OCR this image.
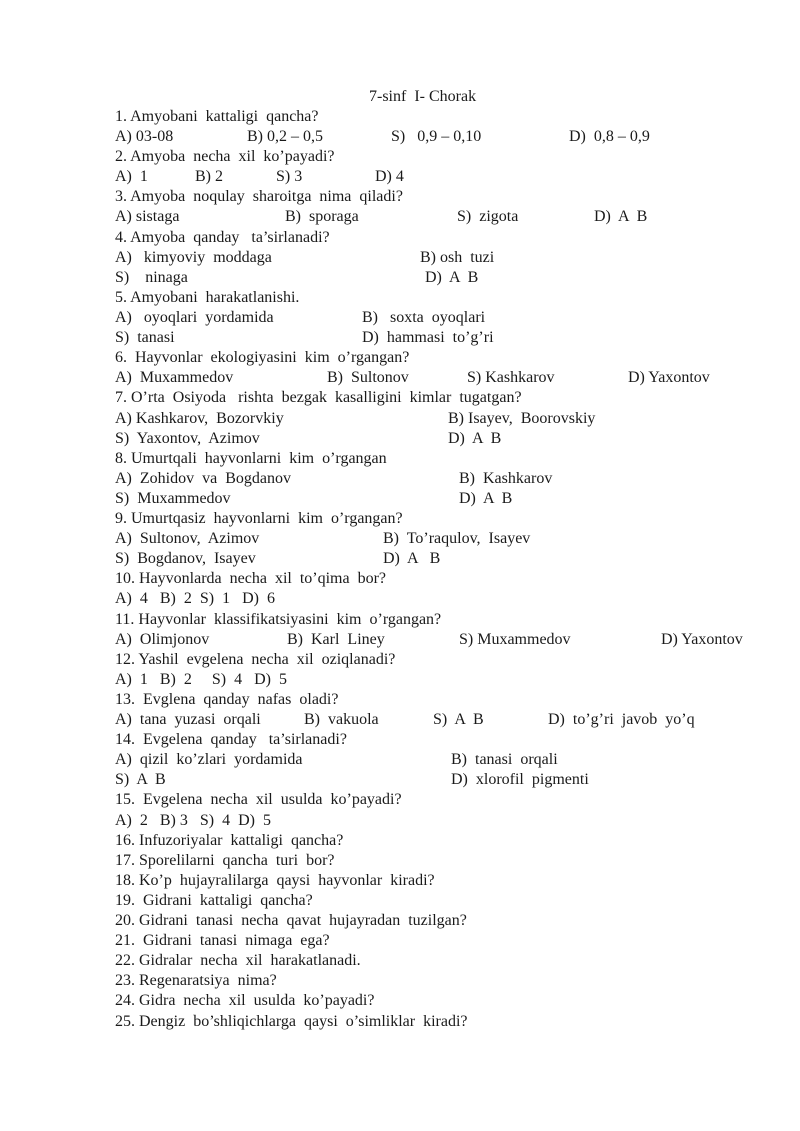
7-sinf  I- Chorak
1. Amyobani  kattaligi  qancha?
A) 03-08	B) 0,2 – 0,5	S)   0,9 – 0,10	D)  0,8 – 0,9
2. Amyoba  necha  xil  ko’payadi?
A)  1	B) 2	S) 3	D) 4
3. Amyoba  noqulay  sharoitga  nima  qiladi?
A) sistaga	B)  sporaga	S)  zigota	D)  A  B
4. Amyoba  qanday   ta’sirlanadi?
A)   kimyoviy  moddaga	B) osh  tuzi
S)    ninaga	D)  A  B
5. Amyobani  harakatlanishi.
A)   oyoqlari  yordamida	B)   soxta  oyoqlari
S)  tanasi	D)  hammasi  to’g’ri
6.  Hayvonlar  ekologiyasini  kim  o’rgangan?
A)  Muxammedov	B)  Sultonov	S) Kashkarov	D) Yaxontov
7. O’rta  Osiyoda   rishta  bezgak  kasalligini  kimlar  tugatgan?
A) Kashkarov,  Bozorvkiy	B) Isayev,  Boorovskiy
S)  Yaxontov,  Azimov	D)  A  B
8. Umurtqali  hayvonlarni  kim  o’rgangan
A)  Zohidov  va  Bogdanov	B)  Kashkarov
S)  Muxammedov	D)  A  B
9. Umurtqasiz  hayvonlarni  kim  o’rgangan?
A)  Sultonov,  Azimov	B)  To’raqulov,  Isayev
S)  Bogdanov,  Isayev	D)  A   B
10. Hayvonlarda  necha  xil  to’qima  bor?
A)  4   B)  2  S)  1   D)  6
11. Hayvonlar  klassifikatsiyasini  kim  o’rgangan?
A)  Olimjonov	B)  Karl  Liney	S) Muxammedov	D) Yaxontov
12. Yashil  evgelena  necha  xil  oziqlanadi?
A)  1   B)  2     S)  4   D)  5
13.  Evglena  qanday  nafas  oladi?
A)  tana  yuzasi  orqali	B)  vakuola	S)  A  B	D)  to’g’ri  javob  yo’q
14.  Evgelena  qanday   ta’sirlanadi?
A)  qizil  ko’zlari  yordamida	B)  tanasi  orqali
S)  A  B	D)  xlorofil  pigmenti
15.  Evgelena  necha  xil  usulda  ko’payadi?
A)  2   B) 3   S)  4  D)  5
16. Infuzoriyalar  kattaligi  qancha?
17. Sporelilarni  qancha  turi  bor?
18. Ko’p  hujayralilarga  qaysi  hayvonlar  kiradi?
19.  Gidrani  kattaligi  qancha?
20. Gidrani  tanasi  necha  qavat  hujayradan  tuzilgan?
21.  Gidrani  tanasi  nimaga  ega?
22. Gidralar  necha  xil  harakatlanadi.
23. Regenaratsiya  nima?
24. Gidra  necha  xil  usulda  ko’payadi?
25. Dengiz  bo’shliqichlarga  qaysi  o’simliklar  kiradi?
